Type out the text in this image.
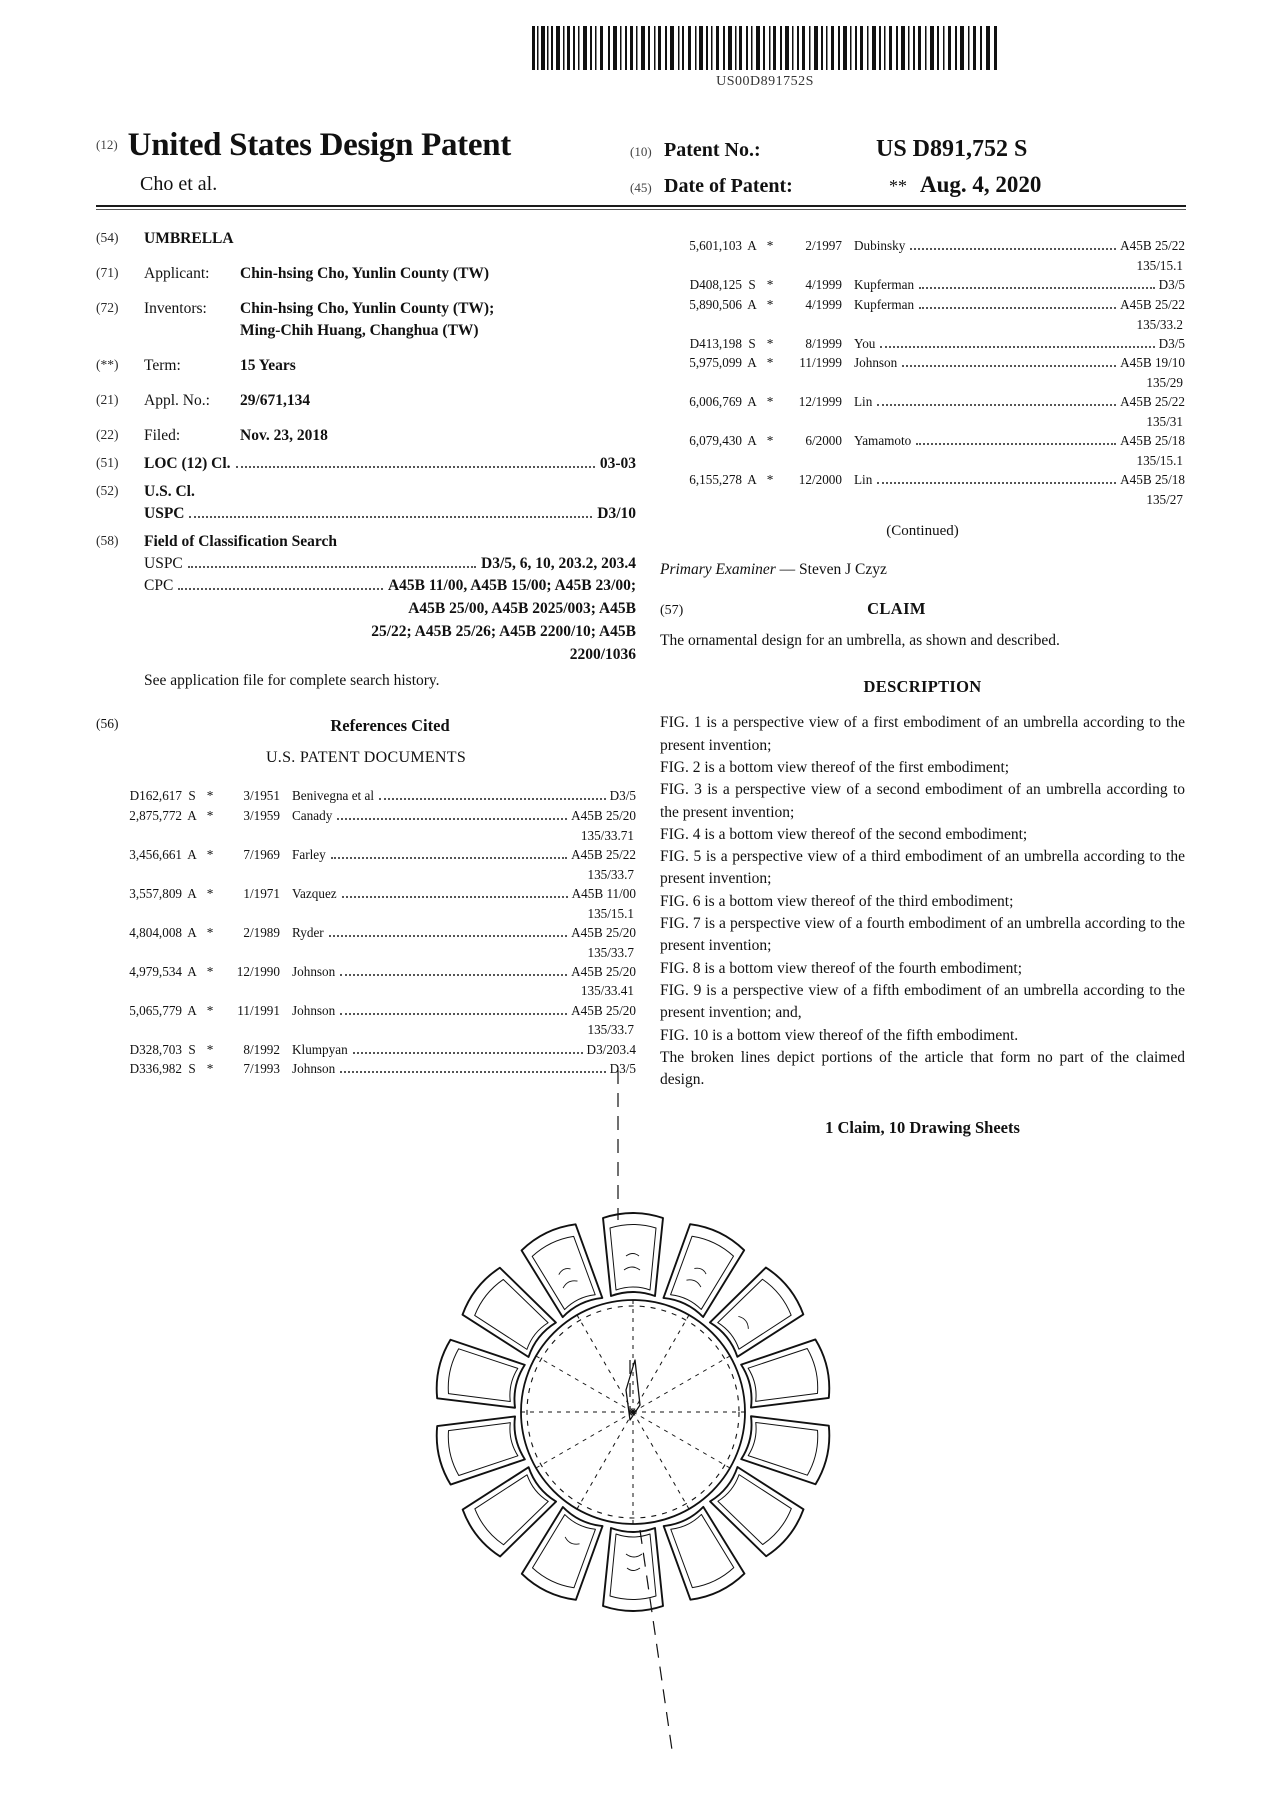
US00D891752S
$^{(12)}$ United States Design Patent
Cho et al.
(10) Patent No.:	US D891,752 S
(45) Date of Patent:	** Aug. 4, 2020
(54)	UMBRELLA
(71)	Applicant:	Chin-hsing Cho, Yunlin County (TW)
(72)	Inventors:	Chin-hsing Cho, Yunlin County (TW);
Ming-Chih Huang, Changhua (TW)
(**)	Term:	15 Years
(21)	Appl. No.:	29/671,134
(22)	Filed:	Nov. 23, 2018
(51)	LOC (12) Cl.	03-03
(52)	U.S. Cl.
USPC	D3/10
(58)	Field of Classification Search
USPC	D3/5, 6, 10, 203.2, 203.4
CPC	A45B 11/00, A45B 15/00; A45B 23/00;
A45B 25/00, A45B 2025/003; A45B
25/22; A45B 25/26; A45B 2200/10; A45B
2200/1036
See application file for complete search history.
(56)	References Cited
U.S. PATENT DOCUMENTS
D162,617 S *	3/1951 Benivegna et al	D3/5
2,875,772 A *	3/1959 Canady	A45B 25/20
135/33.71
3,456,661 A *	7/1969 Farley	A45B 25/22
135/33.7
3,557,809 A *	1/1971 Vazquez	A45B 11/00
135/15.1
4,804,008 A *	2/1989 Ryder	A45B 25/20
135/33.7
4,979,534 A *	12/1990 Johnson	A45B 25/20
135/33.41
5,065,779 A *	11/1991 Johnson	A45B 25/20
135/33.7
D328,703 S *	8/1992 Klumpyan	D3/203.4
D336,982 S *	7/1993 Johnson	D3/5
5,601,103 A *	2/1997 Dubinsky	A45B 25/22
135/15.1
D408,125 S *	4/1999 Kupferman	D3/5
5,890,506 A *	4/1999 Kupferman	A45B 25/22
135/33.2
D413,198 S *	8/1999 You	D3/5
5,975,099 A *	11/1999 Johnson	A45B 19/10
135/29
6,006,769 A *	12/1999 Lin	A45B 25/22
135/31
6,079,430 A *	6/2000 Yamamoto	A45B 25/18
135/15.1
6,155,278 A *	12/2000 Lin	A45B 25/18
135/27
(Continued)
Primary Examiner — Steven J Czyz
(57)	CLAIM
The ornamental design for an umbrella, as shown and described.
DESCRIPTION

FIG. 1 is a perspective view of a first embodiment of an umbrella according to the present invention;

FIG. 2 is a bottom view thereof of the first embodiment;

FIG. 3 is a perspective view of a second embodiment of an umbrella according to the present invention;

FIG. 4 is a bottom view thereof of the second embodiment;

FIG. 5 is a perspective view of a third embodiment of an umbrella according to the present invention;

FIG. 6 is a bottom view thereof of the third embodiment;

FIG. 7 is a perspective view of a fourth embodiment of an umbrella according to the present invention;

FIG. 8 is a bottom view thereof of the fourth embodiment;

FIG. 9 is a perspective view of a fifth embodiment of an umbrella according to the present invention; and,

FIG. 10 is a bottom view thereof of the fifth embodiment.

The broken lines depict portions of the article that form no part of the claimed design.
1 Claim, 10 Drawing Sheets
